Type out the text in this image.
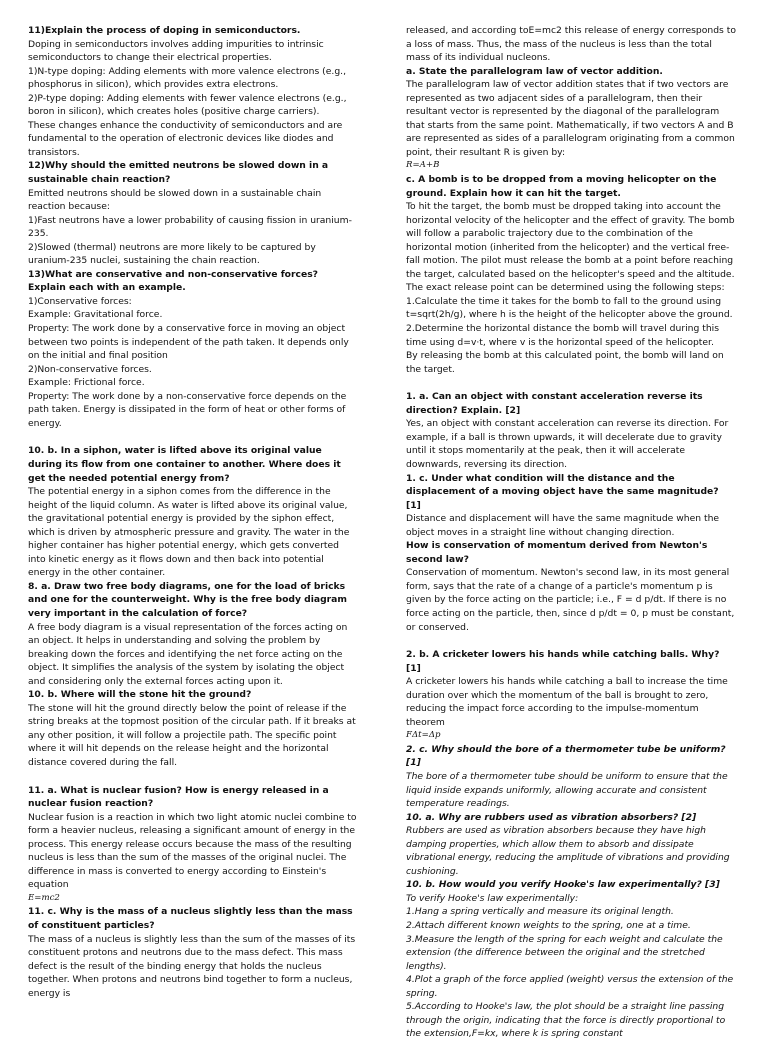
11)Explain the process of doping in semiconductors.

Doping in semiconductors involves adding impurities to intrinsic semiconductors to change their electrical properties.

1)N-type doping: Adding elements with more valence electrons (e.g., phosphorus in silicon), which provides extra electrons.

2)P-type doping: Adding elements with fewer valence electrons (e.g., boron in silicon), which creates holes (positive charge carriers).

These changes enhance the conductivity of semiconductors and are fundamental to the operation of electronic devices like diodes and transistors.

12)Why should the emitted neutrons be slowed down in a sustainable chain reaction?

Emitted neutrons should be slowed down in a sustainable chain reaction because:

1)Fast neutrons have a lower probability of causing fission in uranium-235.

2)Slowed (thermal) neutrons are more likely to be captured by uranium-235 nuclei, sustaining the chain reaction.

13)What are conservative and non-conservative forces? Explain each with an example.

1)Conservative forces:

Example: Gravitational force.

Property: The work done by a conservative force in moving an object between two points is independent of the path taken. It depends only on the initial and final position

2)Non-conservative forces.

Example: Frictional force.

Property: The work done by a non-conservative force depends on the path taken. Energy is dissipated in the form of heat or other forms of energy.

10. b. In a siphon, water is lifted above its original value during its flow from one container to another. Where does it get the needed potential energy from?

The potential energy in a siphon comes from the difference in the height of the liquid column. As water is lifted above its original value, the gravitational potential energy is provided by the siphon effect, which is driven by atmospheric pressure and gravity. The water in the higher container has higher potential energy, which gets converted into kinetic energy as it flows down and then back into potential energy in the other container.

8. a. Draw two free body diagrams, one for the load of bricks and one for the counterweight. Why is the free body diagram very important in the calculation of force?

A free body diagram is a visual representation of the forces acting on an object. It helps in understanding and solving the problem by breaking down the forces and identifying the net force acting on the object. It simplifies the analysis of the system by isolating the object and considering only the external forces acting upon it.

10. b. Where will the stone hit the ground?

The stone will hit the ground directly below the point of release if the string breaks at the topmost position of the circular path. If it breaks at any other position, it will follow a projectile path. The specific point where it will hit depends on the release height and the horizontal distance covered during the fall.

11. a. What is nuclear fusion? How is energy released in a nuclear fusion reaction?

Nuclear fusion is a reaction in which two light atomic nuclei combine to form a heavier nucleus, releasing a significant amount of energy in the process. This energy release occurs because the mass of the resulting nucleus is less than the sum of the masses of the original nuclei. The difference in mass is converted to energy according to Einstein's equation

E=mc2

11. c. Why is the mass of a nucleus slightly less than the mass of constituent particles?

The mass of a nucleus is slightly less than the sum of the masses of its constituent protons and neutrons due to the mass defect. This mass defect is the result of the binding energy that holds the nucleus together. When protons and neutrons bind together to form a nucleus, energy is

released, and according toE=mc2 this release of energy corresponds to a loss of mass. Thus, the mass of the nucleus is less than the total mass of its individual nucleons.

a. State the parallelogram law of vector addition.

The parallelogram law of vector addition states that if two vectors are represented as two adjacent sides of a parallelogram, then their resultant vector is represented by the diagonal of the parallelogram that starts from the same point. Mathematically, if two vectors A and B are represented as sides of a parallelogram originating from a common point, their resultant R is given by:

R=A+B

c. A bomb is to be dropped from a moving helicopter on the ground. Explain how it can hit the target.

To hit the target, the bomb must be dropped taking into account the horizontal velocity of the helicopter and the effect of gravity. The bomb will follow a parabolic trajectory due to the combination of the horizontal motion (inherited from the helicopter) and the vertical free-fall motion. The pilot must release the bomb at a point before reaching the target, calculated based on the helicopter's speed and the altitude. The exact release point can be determined using the following steps:

1.Calculate the time it takes for the bomb to fall to the ground using t=sqrt(2h/g), where h is the height of the helicopter above the ground.

2.Determine the horizontal distance the bomb will travel during this time using d=v·t, where v is the horizontal speed of the helicopter.

By releasing the bomb at this calculated point, the bomb will land on the target.

1. a. Can an object with constant acceleration reverse its direction? Explain. [2]

Yes, an object with constant acceleration can reverse its direction. For example, if a ball is thrown upwards, it will decelerate due to gravity until it stops momentarily at the peak, then it will accelerate downwards, reversing its direction.

1. c. Under what condition will the distance and the displacement of a moving object have the same magnitude? [1]

Distance and displacement will have the same magnitude when the object moves in a straight line without changing direction.

How is conservation of momentum derived from Newton's second law?

Conservation of momentum. Newton's second law, in its most general form, says that the rate of a change of a particle's momentum p is given by the force acting on the particle; i.e., F = d p/dt. If there is no force acting on the particle, then, since d p/dt = 0, p must be constant, or conserved.

2. b. A cricketer lowers his hands while catching balls. Why? [1]

A cricketer lowers his hands while catching a ball to increase the time duration over which the momentum of the ball is brought to zero, reducing the impact force according to the impulse-momentum theorem

FΔt=Δp

2. c. Why should the bore of a thermometer tube be uniform? [1]

The bore of a thermometer tube should be uniform to ensure that the liquid inside expands uniformly, allowing accurate and consistent temperature readings.

10. a. Why are rubbers used as vibration absorbers? [2]

Rubbers are used as vibration absorbers because they have high damping properties, which allow them to absorb and dissipate vibrational energy, reducing the amplitude of vibrations and providing cushioning.

10. b. How would you verify Hooke's law experimentally? [3]

To verify Hooke's law experimentally:

1.Hang a spring vertically and measure its original length.

2.Attach different known weights to the spring, one at a time.

3.Measure the length of the spring for each weight and calculate the extension (the difference between the original and the stretched lengths).

4.Plot a graph of the force applied (weight) versus the extension of the spring.

5.According to Hooke's law, the plot should be a straight line passing through the origin, indicating that the force is directly proportional to the extension,F=kx, where k is spring constant
